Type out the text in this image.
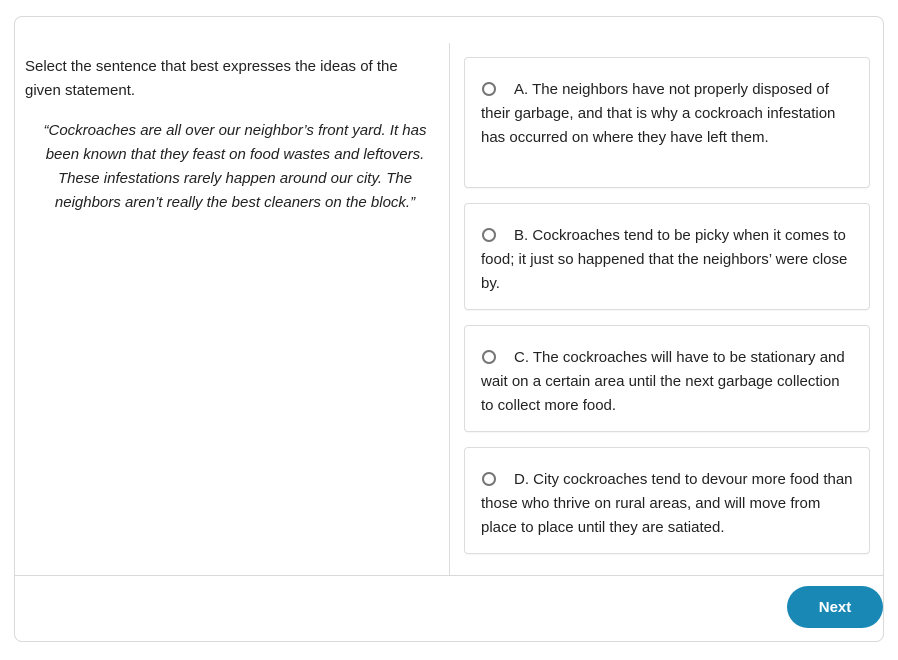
Select the sentence that best expresses the ideas of the given statement.

“Cockroaches are all over our neighbor’s front yard. It has been known that they feast on food wastes and leftovers. These infestations rarely happen around our city. The neighbors aren’t really the best cleaners on the block.”

A. The neighbors have not properly disposed of their garbage, and that is why a cockroach infestation has occurred on where they have left them.
B. Cockroaches tend to be picky when it comes to food; it just so happened that the neighbors’ were close by.
C. The cockroaches will have to be stationary and wait on a certain area until the next garbage collection to collect more food.
D. City cockroaches tend to devour more food than those who thrive on rural areas, and will move from place to place until they are satiated.
Next
